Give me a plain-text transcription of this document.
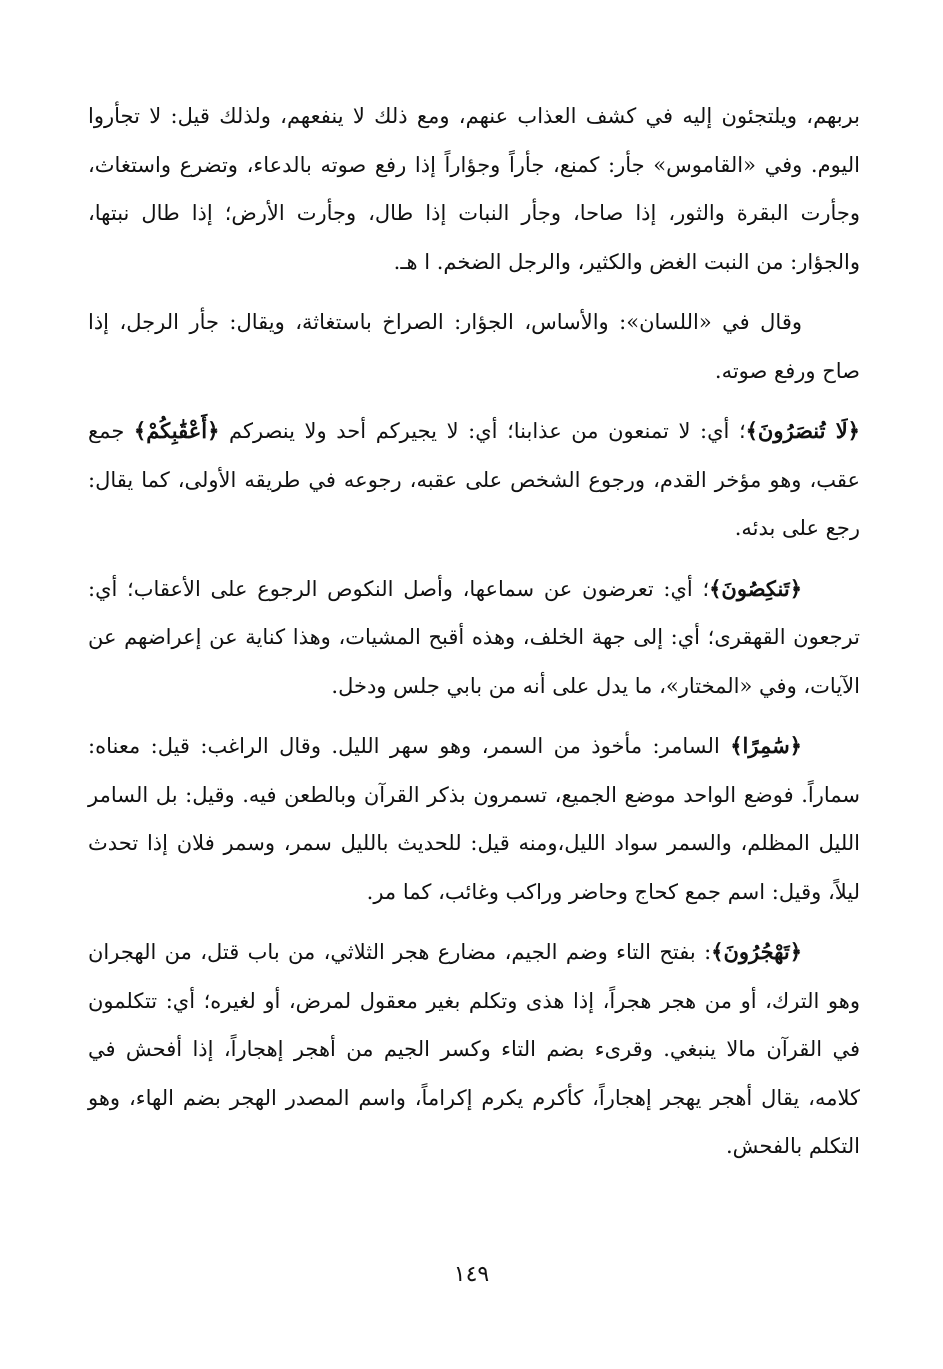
بربهم، ويلتجئون إليه في كشف العذاب عنهم، ومع ذلك لا ينفعهم، ولذلك قيل: لا تجأروا اليوم. وفي «القاموس» جأر: كمنع، جأراً وجؤاراً إذا رفع صوته بالدعاء، وتضرع واستغاث، وجأرت البقرة والثور، إذا صاحا، وجأر النبات إذا طال، وجأرت الأرض؛ إذا طال نبتها، والجؤار: من النبت الغض والكثير، والرجل الضخم. ا هـ.

وقال في «اللسان»: والأساس، الجؤار: الصراخ باستغاثة، ويقال: جأر الرجل، إذا صاح ورفع صوته.

﴿لَا تُنصَرُونَ﴾؛ أي: لا تمنعون من عذابنا؛ أي: لا يجيركم أحد ولا ينصركم ﴿أَعْقَٰبِكُمْ﴾ جمع عقب، وهو مؤخر القدم، ورجوع الشخص على عقبه، رجوعه في طريقه الأولى، كما يقال: رجع على بدئه.

﴿تَنكِصُونَ﴾؛ أي: تعرضون عن سماعها، وأصل النكوص الرجوع على الأعقاب؛ أي: ترجعون القهقرى؛ أي: إلى جهة الخلف، وهذه أقبح المشيات، وهذا كناية عن إعراضهم عن الآيات، وفي «المختار»، ما يدل على أنه من بابي جلس ودخل.

﴿سَٰمِرًا﴾ السامر: مأخوذ من السمر، وهو سهر الليل. وقال الراغب: قيل: معناه: سماراً. فوضع الواحد موضع الجميع، تسمرون بذكر القرآن وبالطعن فيه. وقيل: بل السامر الليل المظلم، والسمر سواد الليل،ومنه قيل: للحديث بالليل سمر، وسمر فلان إذا تحدث ليلاً، وقيل: اسم جمع كحاج وحاضر وراكب وغائب، كما مر.

﴿تَهْجُرُونَ﴾: بفتح التاء وضم الجيم، مضارع هجر الثلاثي، من باب قتل، من الهجران وهو الترك، أو من هجر هجراً، إذا هذى وتكلم بغير معقول لمرض، أو لغيره؛ أي: تتكلمون في القرآن مالا ينبغي. وقرىء بضم التاء وكسر الجيم من أهجر إهجاراً، إذا أفحش في كلامه، يقال أهجر يهجر إهجاراً، كأكرم يكرم إكراماً، واسم المصدر الهجر بضم الهاء، وهو التكلم بالفحش.

١٤٩
